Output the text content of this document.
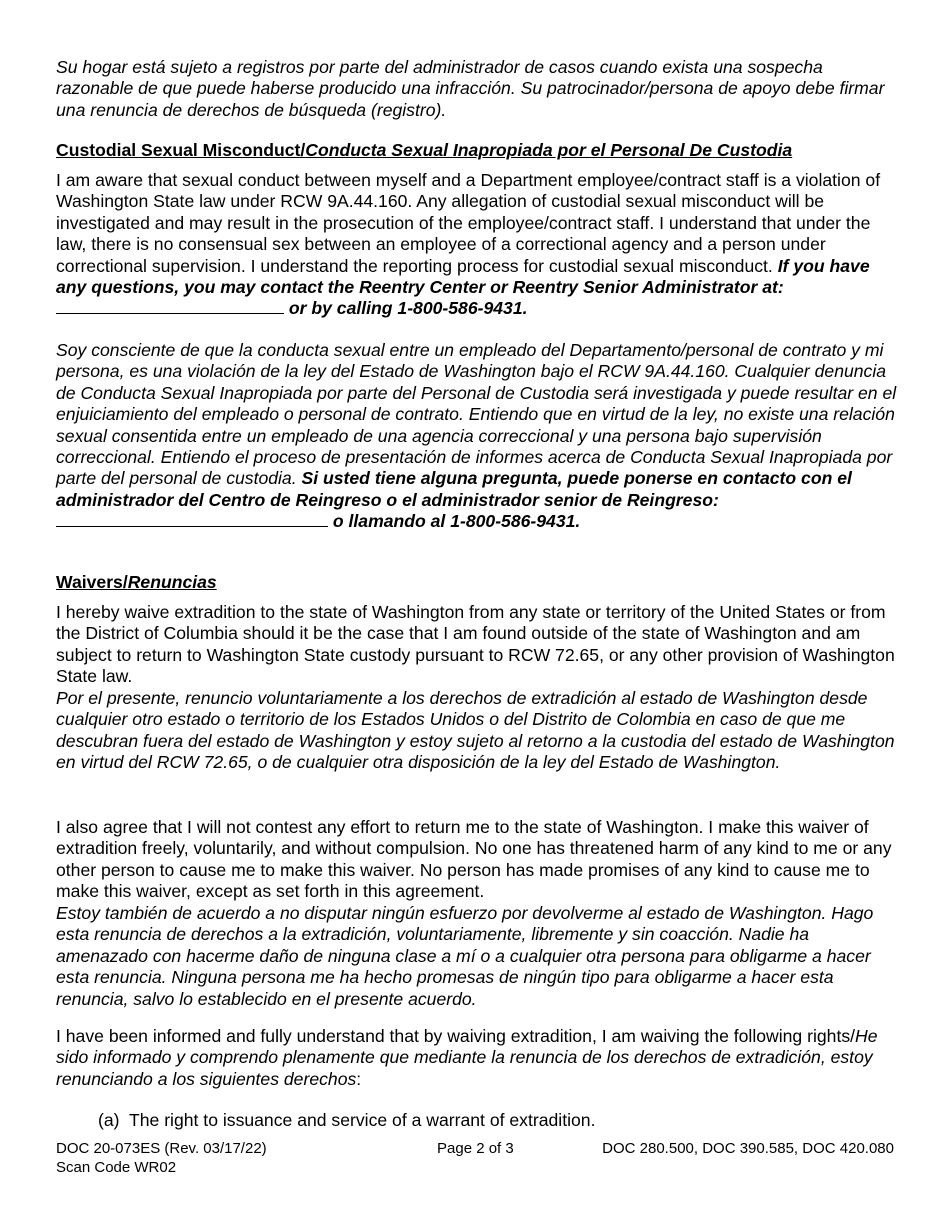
Su hogar está sujeto a registros por parte del administrador de casos cuando exista una sospecha razonable de que puede haberse producido una infracción. Su patrocinador/persona de apoyo debe firmar una renuncia de derechos de búsqueda (registro).

Custodial Sexual Misconduct/Conducta Sexual Inapropiada por el Personal De Custodia

I am aware that sexual conduct between myself and a Department employee/contract staff is a violation of Washington State law under RCW 9A.44.160. Any allegation of custodial sexual misconduct will be investigated and may result in the prosecution of the employee/contract staff. I understand that under the law, there is no consensual sex between an employee of a correctional agency and a person under correctional supervision. I understand the reporting process for custodial sexual misconduct. If you have any questions, you may contact the Reentry Center or Reentry Senior Administrator at:  or by calling 1-800-586-9431.

Soy consciente de que la conducta sexual entre un empleado del Departamento/personal de contrato y mi persona, es una violación de la ley del Estado de Washington bajo el RCW 9A.44.160. Cualquier denuncia de Conducta Sexual Inapropiada por parte del Personal de Custodia será investigada y puede resultar en el enjuiciamiento del empleado o personal de contrato. Entiendo que en virtud de la ley, no existe una relación sexual consentida entre un empleado de una agencia correccional y una persona bajo supervisión correccional. Entiendo el proceso de presentación de informes acerca de Conducta Sexual Inapropiada por parte del personal de custodia. Si usted tiene alguna pregunta, puede ponerse en contacto con el administrador del Centro de Reingreso o el administrador senior de Reingreso:  o llamando al 1-800-586-9431.

Waivers/Renuncias

I hereby waive extradition to the state of Washington from any state or territory of the United States or from the District of Columbia should it be the case that I am found outside of the state of Washington and am subject to return to Washington State custody pursuant to RCW 72.65, or any other provision of Washington State law.

Por el presente, renuncio voluntariamente a los derechos de extradición al estado de Washington desde cualquier otro estado o territorio de los Estados Unidos o del Distrito de Colombia en caso de que me descubran fuera del estado de Washington y estoy sujeto al retorno a la custodia del estado de Washington en virtud del RCW 72.65, o de cualquier otra disposición de la ley del Estado de Washington.

I also agree that I will not contest any effort to return me to the state of Washington. I make this waiver of extradition freely, voluntarily, and without compulsion. No one has threatened harm of any kind to me or any other person to cause me to make this waiver. No person has made promises of any kind to cause me to make this waiver, except as set forth in this agreement.

Estoy también de acuerdo a no disputar ningún esfuerzo por devolverme al estado de Washington. Hago esta renuncia de derechos a la extradición, voluntariamente, libremente y sin coacción. Nadie ha amenazado con hacerme daño de ninguna clase a mí o a cualquier otra persona para obligarme a hacer esta renuncia. Ninguna persona me ha hecho promesas de ningún tipo para obligarme a hacer esta renuncia, salvo lo establecido en el presente acuerdo.

I have been informed and fully understand that by waiving extradition, I am waiving the following rights/He sido informado y comprendo plenamente que mediante la renuncia de los derechos de extradición, estoy renunciando a los siguientes derechos:

(a) The right to issuance and service of a warrant of extradition.

DOC 20-073ES (Rev. 03/17/22)
Scan Code WR02
Page 2 of 3	DOC 280.500, DOC 390.585, DOC 420.080
